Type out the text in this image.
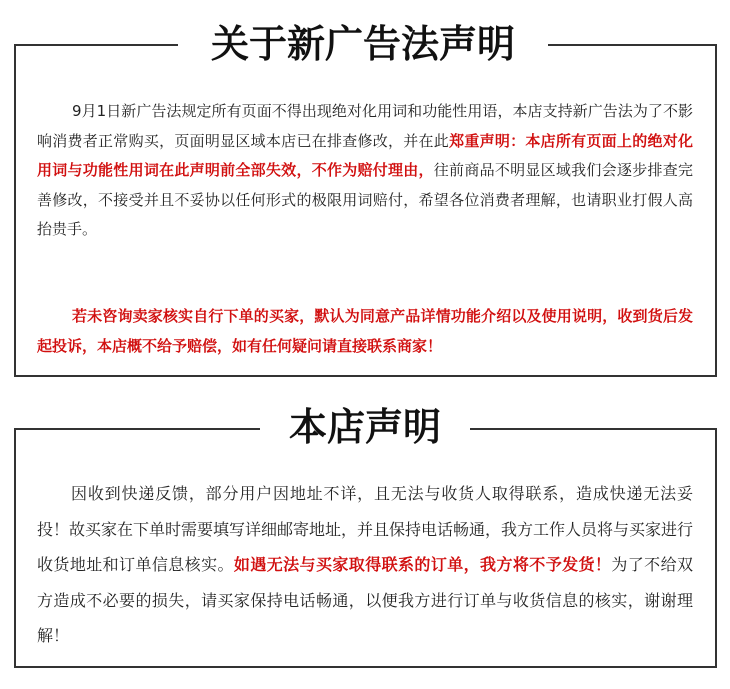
关于新广告法声明
9月1日新广告法规定所有页面不得出现绝对化用词和功能性用语，本店支持新广告法为了不影响消费者正常购买，页面明显区域本店已在排查修改，并在此郑重声明：本店所有页面上的绝对化用词与功能性用词在此声明前全部失效，不作为赔付理由，往前商品不明显区域我们会逐步排查完善修改，不接受并且不妥协以任何形式的极限用词赔付，希望各位消费者理解，也请职业打假人高抬贵手。
若未咨询卖家核实自行下单的买家，默认为同意产品详情功能介绍以及使用说明，收到货后发起投诉，本店概不给予赔偿，如有任何疑问请直接联系商家！
本店声明
因收到快递反馈，部分用户因地址不详，且无法与收货人取得联系，造成快递无法妥投！故买家在下单时需要填写详细邮寄地址，并且保持电话畅通，我方工作人员将与买家进行收货地址和订单信息核实。如遇无法与买家取得联系的订单，我方将不予发货！为了不给双方造成不必要的损失，请买家保持电话畅通，以便我方进行订单与收货信息的核实，谢谢理解！
